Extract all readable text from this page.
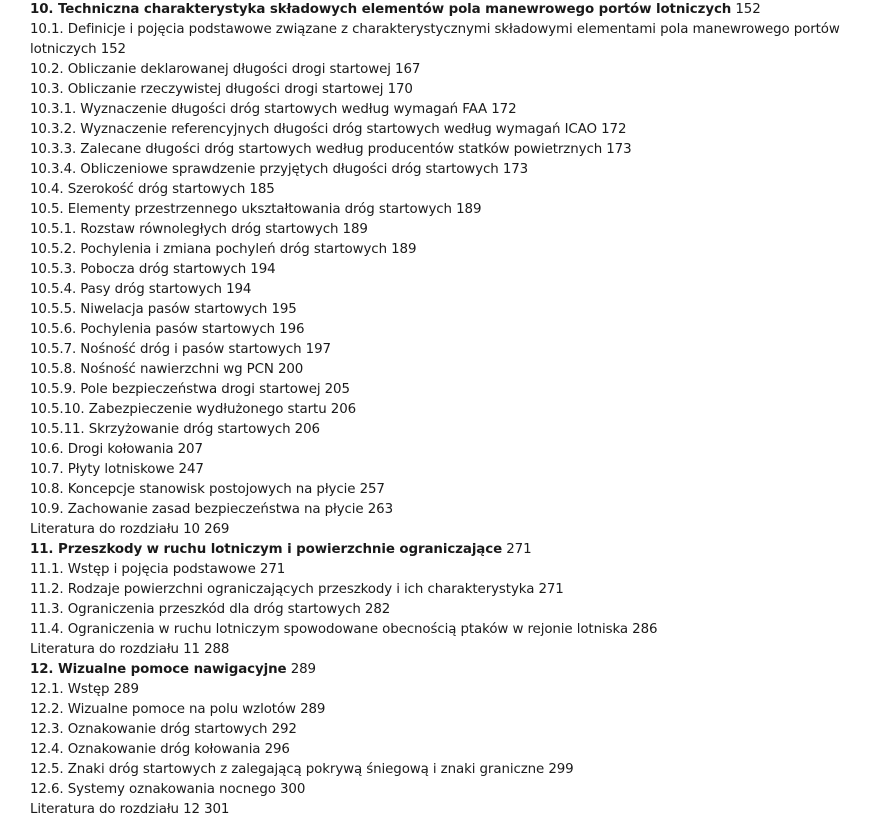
10. Techniczna charakterystyka składowych elementów pola manewrowego portów lotniczych 152
10.1. Definicje i pojęcia podstawowe związane z charakterystycznymi składowymi elementami pola manewrowego portów lotniczych 152
10.2. Obliczanie deklarowanej długości drogi startowej 167
10.3. Obliczanie rzeczywistej długości drogi startowej 170
10.3.1. Wyznaczenie długości dróg startowych według wymagań FAA 172
10.3.2. Wyznaczenie referencyjnych długości dróg startowych według wymagań ICAO 172
10.3.3. Zalecane długości dróg startowych według producentów statków powietrznych 173
10.3.4. Obliczeniowe sprawdzenie przyjętych długości dróg startowych 173
10.4. Szerokość dróg startowych 185
10.5. Elementy przestrzennego ukształtowania dróg startowych 189
10.5.1. Rozstaw równoległych dróg startowych 189
10.5.2. Pochylenia i zmiana pochyleń dróg startowych 189
10.5.3. Pobocza dróg startowych 194
10.5.4. Pasy dróg startowych 194
10.5.5. Niwelacja pasów startowych 195
10.5.6. Pochylenia pasów startowych 196
10.5.7. Nośność dróg i pasów startowych 197
10.5.8. Nośność nawierzchni wg PCN 200
10.5.9. Pole bezpieczeństwa drogi startowej 205
10.5.10. Zabezpieczenie wydłużonego startu 206
10.5.11. Skrzyżowanie dróg startowych 206
10.6. Drogi kołowania 207
10.7. Płyty lotniskowe 247
10.8. Koncepcje stanowisk postojowych na płycie 257
10.9. Zachowanie zasad bezpieczeństwa na płycie 263
Literatura do rozdziału 10 269
11. Przeszkody w ruchu lotniczym i powierzchnie ograniczające 271
11.1. Wstęp i pojęcia podstawowe 271
11.2. Rodzaje powierzchni ograniczających przeszkody i ich charakterystyka 271
11.3. Ograniczenia przeszkód dla dróg startowych 282
11.4. Ograniczenia w ruchu lotniczym spowodowane obecnością ptaków w rejonie lotniska 286
Literatura do rozdziału 11 288
12. Wizualne pomoce nawigacyjne 289
12.1. Wstęp 289
12.2. Wizualne pomoce na polu wzlotów 289
12.3. Oznakowanie dróg startowych 292
12.4. Oznakowanie dróg kołowania 296
12.5. Znaki dróg startowych z zalegającą pokrywą śniegową i znaki graniczne 299
12.6. Systemy oznakowania nocnego 300
Literatura do rozdziału 12 301
